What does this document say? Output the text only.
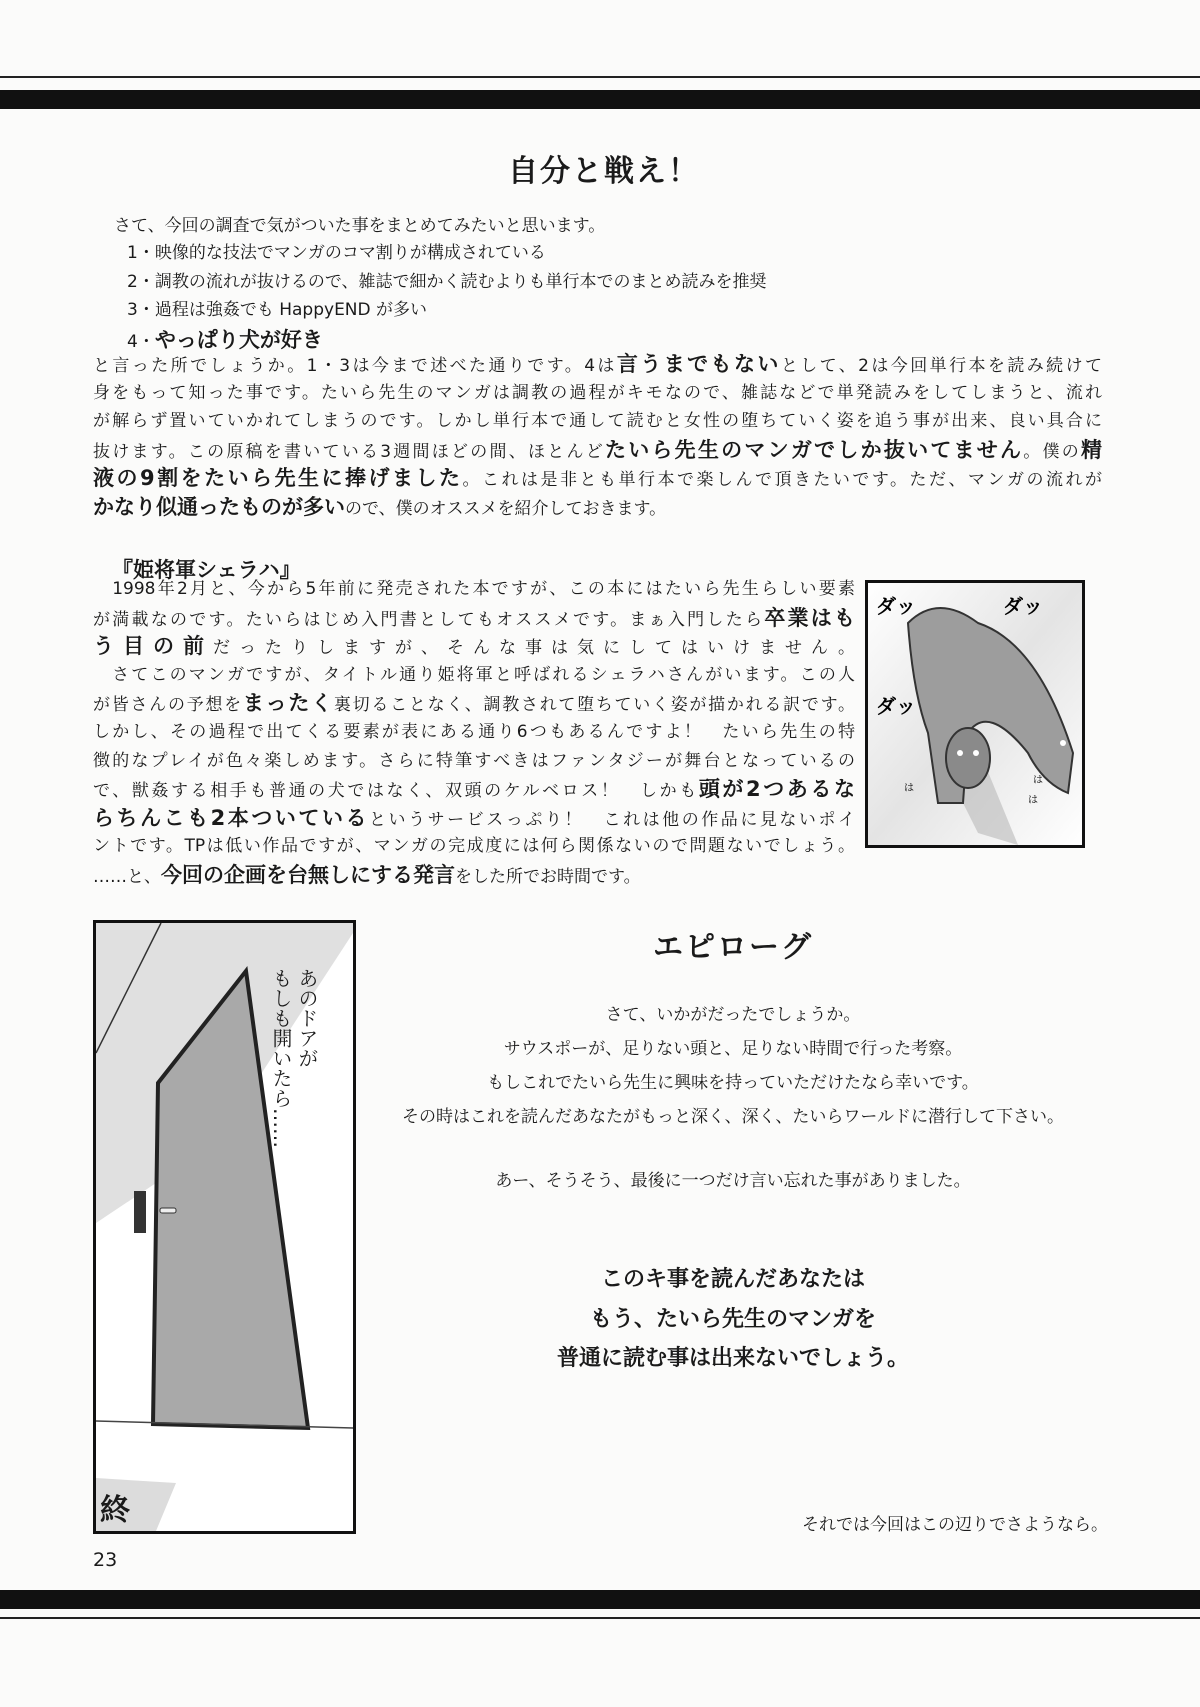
自分と戦え！
さて、今回の調査で気がついた事をまとめてみたいと思います。
1・映像的な技法でマンガのコマ割りが構成されている
2・調教の流れが抜けるので、雑誌で細かく読むよりも単行本でのまとめ読みを推奨
3・過程は強姦でも HappyEND が多い
4・やっぱり犬が好き
と言った所でしょうか。1・3は今まで述べた通りです。4は言うまでもないとして、2は今回単行本を読み続けて
身をもって知った事です。たいら先生のマンガは調教の過程がキモなので、雑誌などで単発読みをしてしまうと、流れ
が解らず置いていかれてしまうのです。しかし単行本で通して読むと女性の堕ちていく姿を追う事が出来、良い具合に
抜けます。この原稿を書いている3週間ほどの間、ほとんどたいら先生のマンガでしか抜いてません。僕の精
液の9割をたいら先生に捧げました。これは是非とも単行本で楽しんで頂きたいです。ただ、マンガの流れが
かなり似通ったものが多いので、僕のオススメを紹介しておきます。
『姫将軍シェラハ』
　1998年2月と、今から5年前に発売された本ですが、この本にはたいら先生らしい要素
が満載なのです。たいらはじめ入門書としてもオススメです。まぁ入門したら卒業はも
う目の前だったりしますが、そんな事は気にしてはいけません。
　さてこのマンガですが、タイトル通り姫将軍と呼ばれるシェラハさんがいます。この人
が皆さんの予想をまったく裏切ることなく、調教されて堕ちていく姿が描かれる訳です。
しかし、その過程で出てくる要素が表にある通り6つもあるんですよ！　たいら先生の特
徴的なプレイが色々楽しめます。さらに特筆すべきはファンタジーが舞台となっているの
で、獣姦する相手も普通の犬ではなく、双頭のケルベロス！　しかも頭が2つあるな
らちんこも2本ついているというサービスっぷり！　これは他の作品に見ないポイ
ントです。TPは低い作品ですが、マンガの完成度には何ら関係ないので問題ないでしょう。
……と、今回の企画を台無しにする発言をした所でお時間です。
ダッ	ダッ
ダッ
は
は
は
あのドアが
もしも開いたら……
終
エピローグ
さて、いかがだったでしょうか。
サウスポーが、足りない頭と、足りない時間で行った考察。
もしこれでたいら先生に興味を持っていただけたなら幸いです。
その時はこれを読んだあなたがもっと深く、深く、たいらワールドに潜行して下さい。
あー、そうそう、最後に一つだけ言い忘れた事がありました。
このキ事を読んだあなたは
もう、たいら先生のマンガを
普通に読む事は出来ないでしょう。
それでは今回はこの辺りでさようなら。
23
